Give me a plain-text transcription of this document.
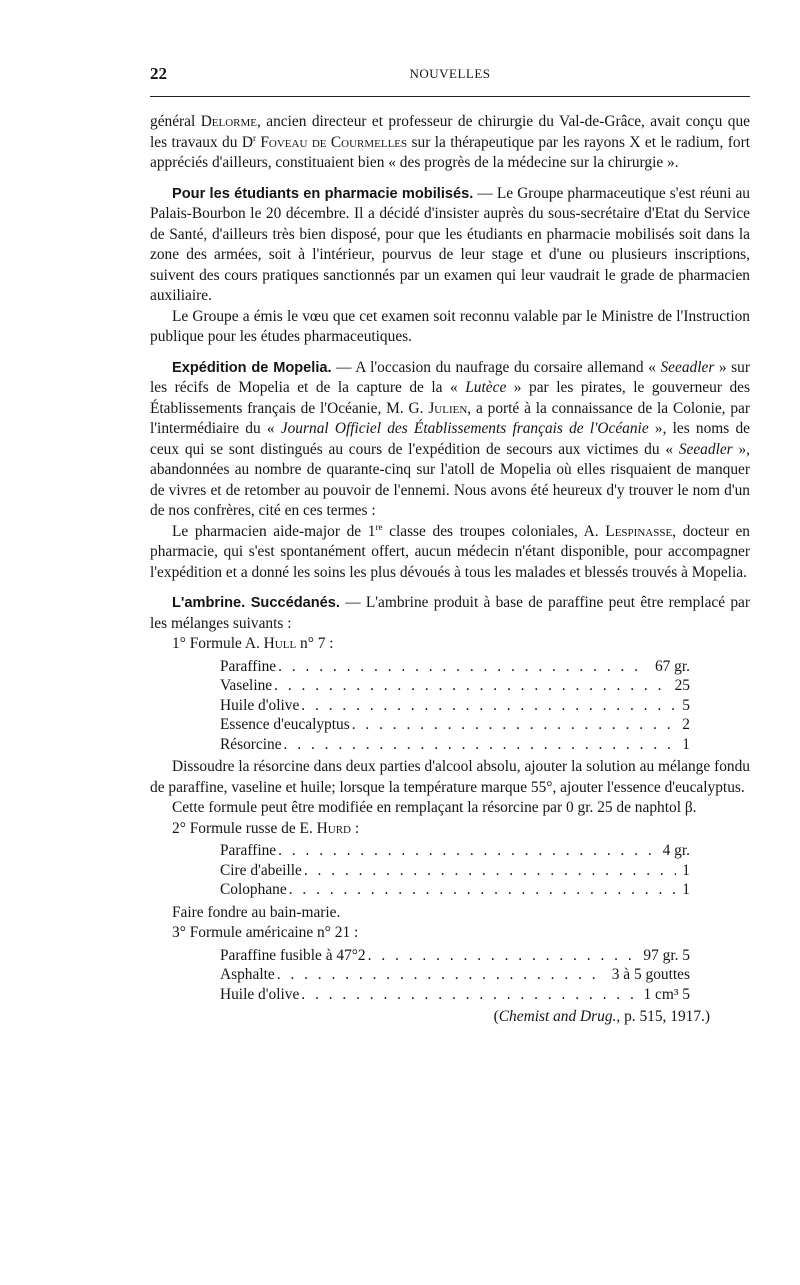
22	NOUVELLES

général Delorme, ancien directeur et professeur de chirurgie du Val-de-Grâce, avait conçu que les travaux du $D^r$ Foveau de Courmelles sur la thérapeutique par les rayons X et le radium, fort appréciés d'ailleurs, constituaient bien « des progrès de la médecine sur la chirurgie ».

Pour les étudiants en pharmacie mobilisés. — Le Groupe pharmaceutique s'est réuni au Palais-Bourbon le 20 décembre. Il a décidé d'insister auprès du sous-secrétaire d'Etat du Service de Santé, d'ailleurs très bien disposé, pour que les étudiants en pharmacie mobilisés soit dans la zone des armées, soit à l'intérieur, pourvus de leur stage et d'une ou plusieurs inscriptions, suivent des cours pratiques sanctionnés par un examen qui leur vaudrait le grade de pharmacien auxiliaire.

Le Groupe a émis le vœu que cet examen soit reconnu valable par le Ministre de l'Instruction publique pour les études pharmaceutiques.

Expédition de Mopelia. — A l'occasion du naufrage du corsaire allemand « Seeadler » sur les récifs de Mopelia et de la capture de la « Lutèce » par les pirates, le gouverneur des Établissements français de l'Océanie, M. G. Julien, a porté à la connaissance de la Colonie, par l'intermédiaire du « Journal Officiel des Établissements français de l'Océanie », les noms de ceux qui se sont distingués au cours de l'expédition de secours aux victimes du « Seeadler », abandonnées au nombre de quarante-cinq sur l'atoll de Mopelia où elles risquaient de manquer de vivres et de retomber au pouvoir de l'ennemi. Nous avons été heureux d'y trouver le nom d'un de nos confrères, cité en ces termes :

Le pharmacien aide-major de 1re classe des troupes coloniales, A. Lespinasse, docteur en pharmacie, qui s'est spontanément offert, aucun médecin n'étant disponible, pour accompagner l'expédition et a donné les soins les plus dévoués à tous les malades et blessés trouvés à Mopelia.

L'ambrine. Succédanés. — L'ambrine produit à base de paraffine peut être remplacé par les mélanges suivants :

1° Formule A. Hull n° 7 :

Paraffine . . .	67 gr.
Vaseline . . .	25
Huile d'olive . . .	5
Essence d'eucalyptus . . .	2
Résorcine . . .	1

Dissoudre la résorcine dans deux parties d'alcool absolu, ajouter la solution au mélange fondu de paraffine, vaseline et huile; lorsque la température marque 55°, ajouter l'essence d'eucalyptus.

Cette formule peut être modifiée en remplaçant la résorcine par 0 gr. 25 de naphtol β.

2° Formule russe de E. Hurd :

Paraffine . . .	4 gr.
Cire d'abeille . . .	1
Colophane . . .	1

Faire fondre au bain-marie.

3° Formule américaine n° 21 :

Paraffine fusible à 47°2 . . .	97 gr. 5
Asphalte . . .	3 à 5 gouttes
Huile d'olive . . .	1 cm³ 5

(Chemist and Drug., p. 515, 1917.)
